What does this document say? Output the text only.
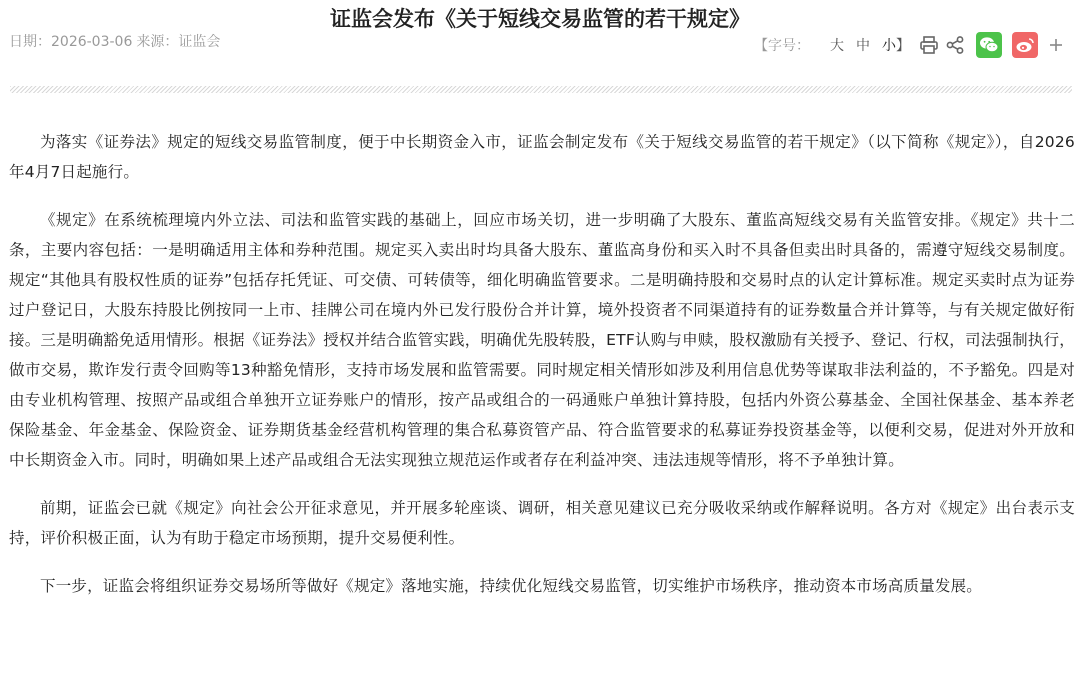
证监会发布《关于短线交易监管的若干规定》
日期：2026-03-06 来源：证监会	【字号： 大 中 小 】

为落实《证券法》规定的短线交易监管制度，便于中长期资金入市，证监会制定发布《关于短线交易监管的若干规定》（以下简称《规定》），自2026年4月7日起施行。

《规定》在系统梳理境内外立法、司法和监管实践的基础上，回应市场关切，进一步明确了大股东、董监高短线交易有关监管安排。《规定》共十二条，主要内容包括：一是明确适用主体和券种范围。规定买入卖出时均具备大股东、董监高身份和买入时不具备但卖出时具备的，需遵守短线交易制度。规定“其他具有股权性质的证券”包括存托凭证、可交债、可转债等，细化明确监管要求。二是明确持股和交易时点的认定计算标准。规定买卖时点为证券过户登记日，大股东持股比例按同一上市、挂牌公司在境内外已发行股份合并计算，境外投资者不同渠道持有的证券数量合并计算等，与有关规定做好衔接。三是明确豁免适用情形。根据《证券法》授权并结合监管实践，明确优先股转股，ETF认购与申赎，股权激励有关授予、登记、行权，司法强制执行，做市交易，欺诈发行责令回购等13种豁免情形，支持市场发展和监管需要。同时规定相关情形如涉及利用信息优势等谋取非法利益的，不予豁免。四是对由专业机构管理、按照产品或组合单独开立证券账户的情形，按产品或组合的一码通账户单独计算持股，包括内外资公募基金、全国社保基金、基本养老保险基金、年金基金、保险资金、证券期货基金经营机构管理的集合私募资管产品、符合监管要求的私募证券投资基金等，以便利交易，促进对外开放和中长期资金入市。同时，明确如果上述产品或组合无法实现独立规范运作或者存在利益冲突、违法违规等情形，将不予单独计算。

前期，证监会已就《规定》向社会公开征求意见，并开展多轮座谈、调研，相关意见建议已充分吸收采纳或作解释说明。各方对《规定》出台表示支持，评价积极正面，认为有助于稳定市场预期，提升交易便利性。

下一步，证监会将组织证券交易场所等做好《规定》落地实施，持续优化短线交易监管，切实维护市场秩序，推动资本市场高质量发展。
